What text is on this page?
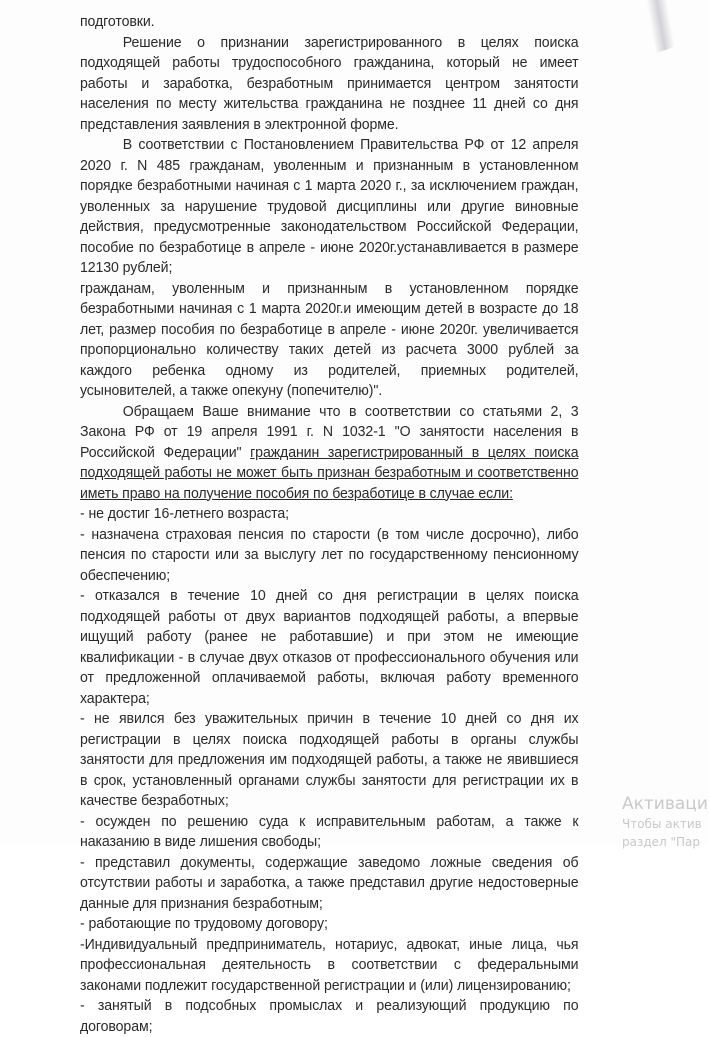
подготовки.

Решение о признании зарегистрированного в целях поиска подходящей работы трудоспособного гражданина, который не имеет работы и заработка, безработным принимается центром занятости населения по месту жительства гражданина не позднее 11 дней со дня представления заявления в электронной форме.

В соответствии с Постановлением Правительства РФ от 12 апреля 2020 г. N 485 гражданам, уволенным и признанным в установленном порядке безработными начиная с 1 марта 2020 г., за исключением граждан, уволенных за нарушение трудовой дисциплины или другие виновные действия, предусмотренные законодательством Российской Федерации, пособие по безработице в апреле - июне 2020г.устанавливается в размере 12130 рублей;

гражданам, уволенным и признанным в установленном порядке безработными начиная с 1 марта 2020г.и имеющим детей в возрасте до 18 лет, размер пособия по безработице в апреле - июне 2020г. увеличивается пропорционально количеству таких детей из расчета 3000 рублей за каждого ребенка одному из родителей, приемных родителей, усыновителей, а также опекуну (попечителю)".

Обращаем Ваше внимание что в соответствии со статьями 2, 3 Закона РФ от 19 апреля 1991 г. N 1032-1 "О занятости населения в Российской Федерации" гражданин зарегистрированный в целях поиска подходящей работы не может быть признан безработным и соответственно иметь право на получение пособия по безработице в случае если:

- не достиг 16-летнего возраста;

- назначена страховая пенсия по старости (в том числе досрочно), либо пенсия по старости или за выслугу лет по государственному пенсионному обеспечению;

- отказался в течение 10 дней со дня регистрации в целях поиска подходящей работы от двух вариантов подходящей работы, а впервые ищущий работу (ранее не работавшие) и при этом не имеющие квалификации - в случае двух отказов от профессионального обучения или от предложенной оплачиваемой работы, включая работу временного характера;

- не явился без уважительных причин в течение 10 дней со дня их регистрации в целях поиска подходящей работы в органы службы занятости для предложения им подходящей работы, а также не явившиеся в срок, установленный органами службы занятости для регистрации их в качестве безработных;

- осужден по решению суда к исправительным работам, а также к наказанию в виде лишения свободы;

- представил документы, содержащие заведомо ложные сведения об отсутствии работы и заработка, а также представил другие недостоверные данные для признания безработным;

- работающие по трудовому договору;

-Индивидуальный предприниматель, нотариус, адвокат, иные лица, чья профессиональная деятельность в соответствии с федеральными законами подлежит государственной регистрации и (или) лицензированию;

- занятый в подсобных промыслах и реализующий продукцию по договорам;

Активаци
Чтобы актив
раздел "Пар
